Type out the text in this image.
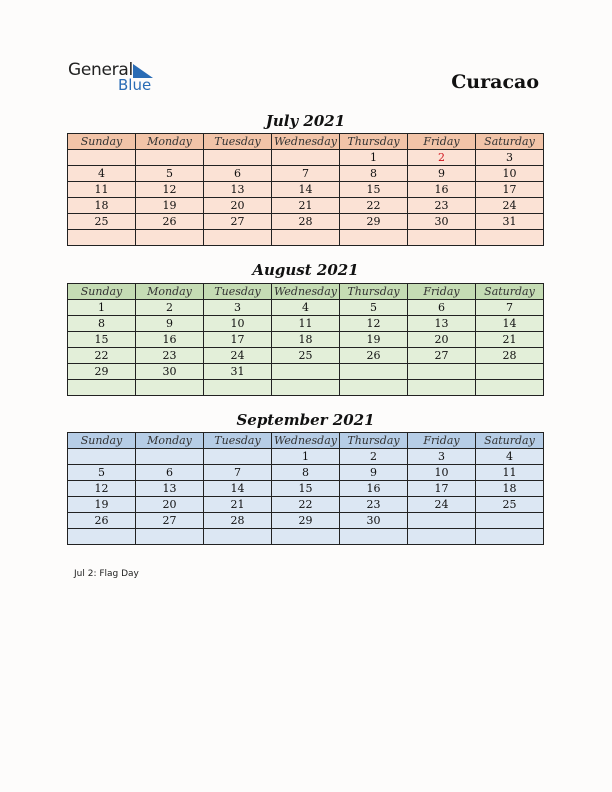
General
Blue	Curacao
July 2021
Sunday	Monday	Tuesday	Wednesday	Thursday	Friday	Saturday
				1	2	3
4	5	6	7	8	9	10
11	12	13	14	15	16	17
18	19	20	21	22	23	24
25	26	27	28	29	30	31

August 2021
Sunday	Monday	Tuesday	Wednesday	Thursday	Friday	Saturday
1	2	3	4	5	6	7
8	9	10	11	12	13	14
15	16	17	18	19	20	21
22	23	24	25	26	27	28
29	30	31				

September 2021
Sunday	Monday	Tuesday	Wednesday	Thursday	Friday	Saturday
			1	2	3	4
5	6	7	8	9	10	11
12	13	14	15	16	17	18
19	20	21	22	23	24	25
26	27	28	29	30		

Jul 2: Flag Day
